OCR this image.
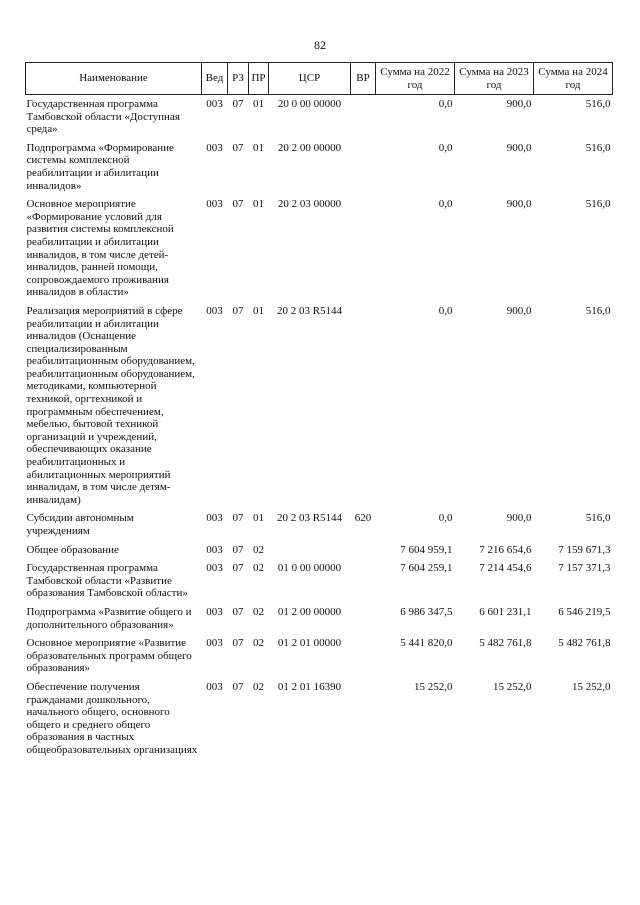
82
Наименование	Вед	РЗ	ПР	ЦСР	ВР	Сумма на 2022 год	Сумма на 2023 год	Сумма на 2024 год
Государственная программа Тамбовской области «Доступная среда»	003	07	01	20 0 00 00000		0,0	900,0	516,0
Подпрограмма «Формирование системы комплексной реабилитации и абилитации инвалидов»	003	07	01	20 2 00 00000		0,0	900,0	516,0
Основное мероприятие «Формирование условий для развития системы комплексной реабилитации и абилитации инвалидов, в том числе детей-инвалидов, ранней помощи, сопровождаемого проживания инвалидов в области»	003	07	01	20 2 03 00000		0,0	900,0	516,0
Реализация мероприятий в сфере реабилитации и абилитации инвалидов (Оснащение специализированным реабилитационным оборудованием, реабилитационным оборудованием, методиками, компьютерной техникой, оргтехникой и программным обеспечением, мебелью, бытовой техникой организаций и учреждений, обеспечивающих оказание реабилитационных и абилитационных мероприятий инвалидам, в том числе детям-инвалидам)	003	07	01	20 2 03 R5144		0,0	900,0	516,0
Субсидии автономным учреждениям	003	07	01	20 2 03 R5144	620	0,0	900,0	516,0
Общее образование	003	07	02			7 604 959,1	7 216 654,6	7 159 671,3
Государственная программа Тамбовской области «Развитие образования Тамбовской области»	003	07	02	01 0 00 00000		7 604 259,1	7 214 454,6	7 157 371,3
Подпрограмма «Развитие общего и дополнительного образования»	003	07	02	01 2 00 00000		6 986 347,5	6 601 231,1	6 546 219,5
Основное мероприятие «Развитие образовательных программ общего образования»	003	07	02	01 2 01 00000		5 441 820,0	5 482 761,8	5 482 761,8
Обеспечение получения гражданами дошкольного, начального общего, основного общего и среднего общего образования в частных общеобразовательных организациях	003	07	02	01 2 01 16390		15 252,0	15 252,0	15 252,0
